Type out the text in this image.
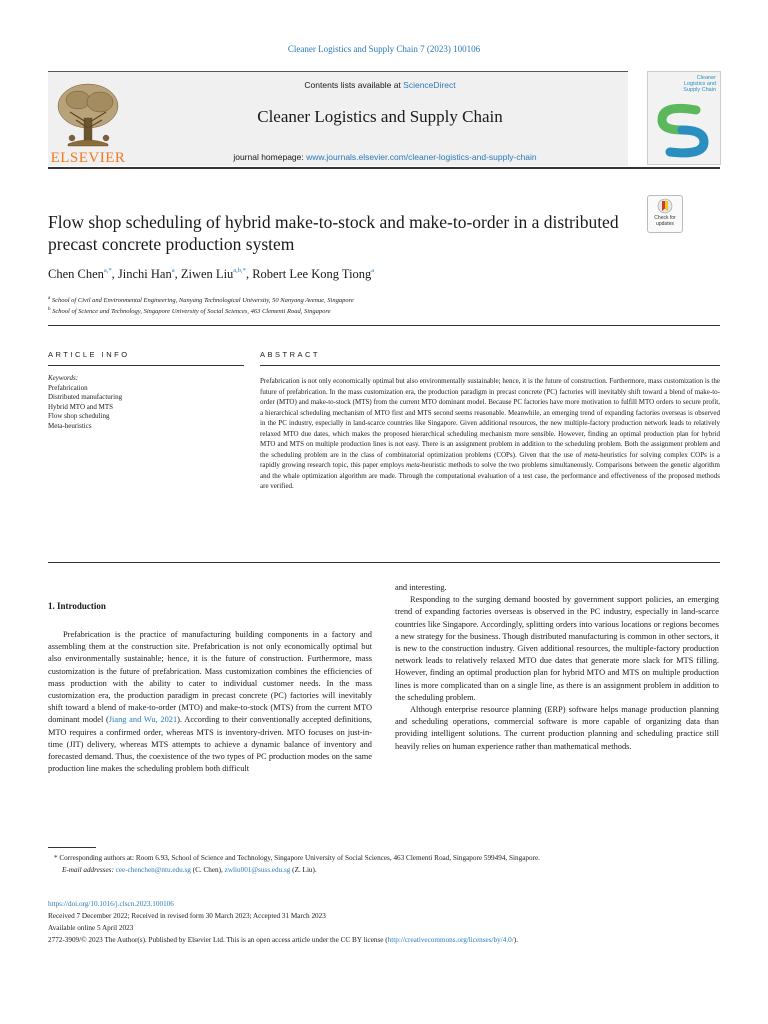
Cleaner Logistics and Supply Chain 7 (2023) 100106
ELSEVIER
Contents lists available at ScienceDirect
Cleaner Logistics and Supply Chain
journal homepage: www.journals.elsevier.com/cleaner-logistics-and-supply-chain
Cleaner
Logistics and
Supply Chain
Check for
updates
Flow shop scheduling of hybrid make-to-stock and make-to-order in a distributed precast concrete production system
Chen Chen$^{a,*}$, Jinchi Han$^a$, Ziwen Liu$^{a,b,*}$, Robert Lee Kong Tiong$^a$
$^a$ School of Civil and Environmental Engineering, Nanyang Technological University, 50 Nanyang Avenue, Singapore
$^b$ School of Science and Technology, Singapore University of Social Sciences, 463 Clementi Road, Singapore
ARTICLE INFO	ABSTRACT
Keywords:
Prefabrication
Distributed manufacturing
Hybrid MTO and MTS
Flow shop scheduling
Meta-heuristics
Prefabrication is not only economically optimal but also environmentally sustainable; hence, it is the future of construction. Furthermore, mass customization is the future of prefabrication. In the mass customization era, the production paradigm in precast concrete (PC) factories will inevitably shift toward a blend of make-to-order (MTO) and make-to-stock (MTS) from the current MTO dominant model. Because PC factories have more motivation to fulfill MTO orders to secure profit, a hierarchical scheduling mechanism of MTO first and MTS second seems reasonable. Meanwhile, an emerging trend of expanding factories overseas is observed in the PC industry, especially in land-scarce countries like Singapore. Given additional resources, the new multiple-factory production network leads to relatively relaxed MTO due dates, which makes the proposed hierarchical scheduling mechanism more sensible. However, finding an optimal production plan for hybrid MTO and MTS on multiple production lines is not easy. There is an assignment problem in addition to the scheduling problem. Both the assignment problem and the scheduling problem are in the class of combinatorial optimization problems (COPs). Given that the use of meta-heuristics for solving complex COPs is a rapidly growing research topic, this paper employs meta-heuristic methods to solve the two problems simultaneously. Comparisons between the genetic algorithm and the whale optimization algorithm are made. Through the computational evaluation of a test case, the performance and effectiveness of the proposed methods are verified.
1. Introduction

Prefabrication is the practice of manufacturing building components in a factory and assembling them at the construction site. Prefabrication is not only economically optimal but also environmentally sustainable; hence, it is the future of construction. Furthermore, mass customization is the future of prefabrication. Mass customization combines the efficiencies of mass production with the ability to cater to individual customer needs. In the mass customization era, the production paradigm in precast concrete (PC) factories will inevitably shift toward a blend of make-to-order (MTO) and make-to-stock (MTS) from the current MTO dominant model (Jiang and Wu, 2021). According to their conventionally accepted definitions, MTO requires a confirmed order, whereas MTS is inventory-driven. MTO focuses on just-in-time (JIT) delivery, whereas MTS attempts to achieve a dynamic balance of inventory and forecasted demand. Thus, the coexistence of the two types of PC production modes on the same production line makes the scheduling problem both difficult

and interesting.

Responding to the surging demand boosted by government support policies, an emerging trend of expanding factories overseas is observed in the PC industry, especially in land-scarce countries like Singapore. Accordingly, splitting orders into various locations or regions becomes a new strategy for the business. Though distributed manufacturing is common in other sectors, it is new to the construction industry. Given additional resources, the multiple-factory production network leads to relatively relaxed MTO due dates that generate more slack for MTS filling. However, finding an optimal production plan for hybrid MTO and MTS on multiple production lines is more complicated than on a single line, as there is an assignment problem in addition to the scheduling problem.

Although enterprise resource planning (ERP) software helps manage production planning and scheduling operations, commercial software is more capable of organizing data than providing intelligent solutions. The current production planning and scheduling practice still heavily relies on human experience rather than mathematical methods.

* Corresponding authors at: Room 6.93, School of Science and Technology, Singapore University of Social Sciences, 463 Clementi Road, Singapore 599494, Singapore.
E-mail addresses: cee-chenchen@ntu.edu.sg (C. Chen), zwliu001@suss.edu.sg (Z. Liu).
https://doi.org/10.1016/j.clscn.2023.100106
Received 7 December 2022; Received in revised form 30 March 2023; Accepted 31 March 2023
Available online 5 April 2023
2772-3909/© 2023 The Author(s). Published by Elsevier Ltd. This is an open access article under the CC BY license (http://creativecommons.org/licenses/by/4.0/).
